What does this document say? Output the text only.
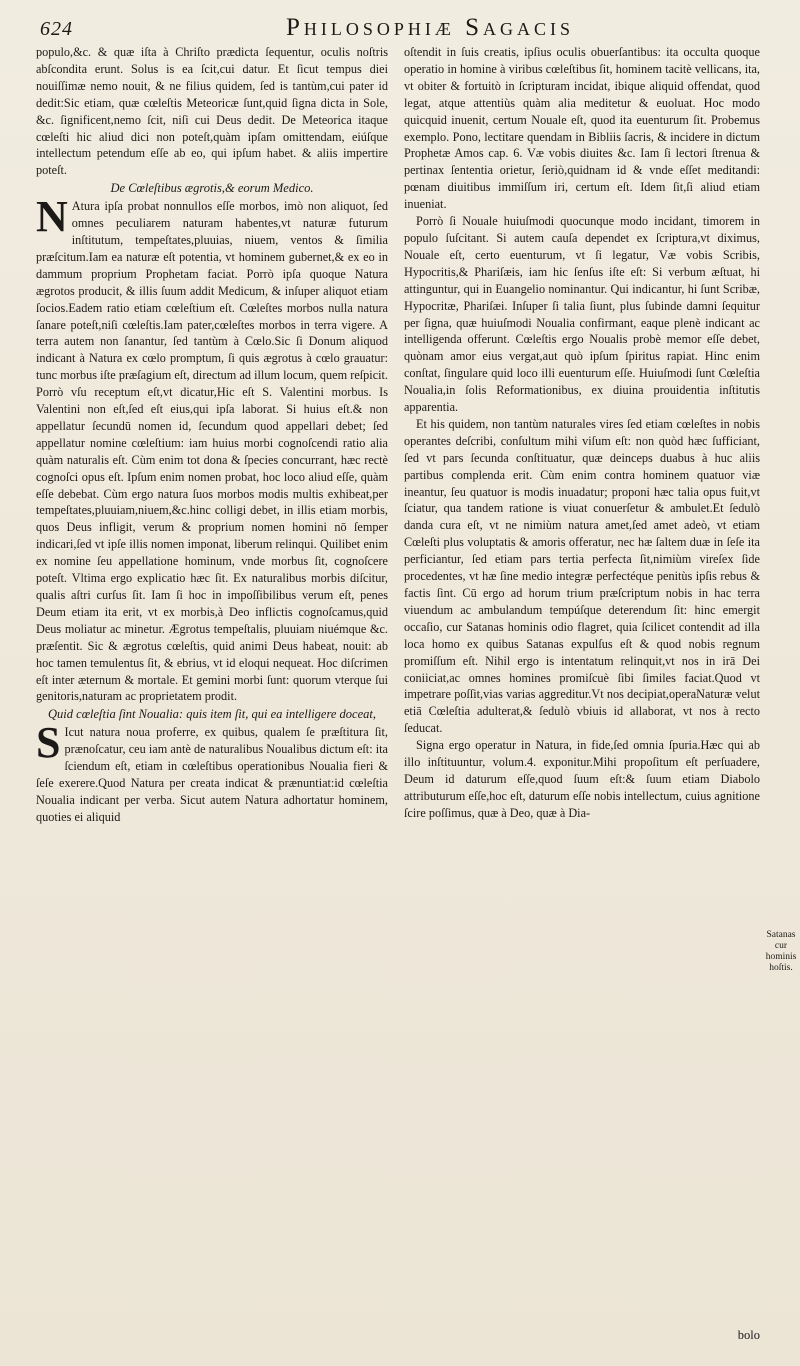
624	Philosophiæ Sagacis

populo,&c. & quæ iſta à Chriſto prædicta ſequentur, oculis noſtris abſcondita erunt. Solus is ea ſcit,cui datur. Et ſicut tempus diei nouiſſimæ nemo nouit, & ne filius quidem, ſed is tantùm,cui pater id dedit:Sic etiam, quæ cœleſtis Meteoricæ ſunt,quid ſigna dicta in Sole, &c. ſignificent,nemo ſcit, niſi cui Deus dedit. De Meteorica itaque cœleſti hic aliud dici non poteſt,quàm ipſam omittendam, eiúſque intellectum petendum eſſe ab eo, qui ipſum habet. & aliis impertire poteſt.

De Cœleſtibus ægrotis,& eorum Medico.

N Atura ipſa probat nonnullos eſſe morbos, imò non aliquot, ſed omnes peculiarem naturam habentes,vt naturæ futurum inſtitutum, tempeſtates,pluuias, niuem, ventos & ſimilia præſcitum.Iam ea naturæ eſt potentia, vt hominem gubernet,& ex eo in dammum proprium Prophetam faciat. Porrò ipſa quoque Natura ægrotos producit, & illis ſuum addit Medicum, & inſuper aliquot etiam ſocios.Eadem ratio etiam cœleſtium eſt. Cœleſtes morbos nulla natura ſanare poteſt,niſi cœleſtis.Iam pater,cœleſtes morbos in terra vigere. A terra autem non ſanantur, ſed tantùm à Cœlo.Sic ſi Donum aliquod indicant à Natura ex cœlo promptum, ſi quis ægrotus à cœlo grauatur: tunc morbus iſte præſagium eſt, directum ad illum locum, quem reſpicit. Porrò vſu receptum eſt,vt dicatur,Hic eſt S. Valentini morbus. Is Valentini non eſt,ſed eſt eius,qui ipſa laborat. Si huius eſt.& non appellatur ſecundū nomen id, ſecundum quod appellari debet; ſed appellatur nomine cœleſtium: iam huius morbi cognoſcendi ratio alia quàm naturalis eſt. Cùm enim tot dona & ſpecies concurrant, hæc rectè cognoſci opus eſt. Ipſum enim nomen probat, hoc loco aliud eſſe, quàm eſſe debebat. Cùm ergo natura ſuos morbos modis multis exhibeat,per tempeſtates,pluuiam,niuem,&c.hinc colligi debet, in illis etiam morbis, quos Deus infligit, verum & proprium nomen homini nō ſemper indicari,ſed vt ipſe illis nomen imponat, liberum relinqui. Quilibet enim ex nomine ſeu appellatione hominum, vnde morbus ſit, cognoſcere poteſt. Vltima ergo explicatio hæc ſit. Ex naturalibus morbis diſcitur, qualis aſtri curſus ſit. Iam ſi hoc in impoſſibilibus verum eſt, penes Deum etiam ita erit, vt ex morbis,à Deo inflictis cognoſcamus,quid Deus moliatur ac minetur. Ægrotus tempeſtalis, pluuiam niuémque &c. præſentit. Sic & ægrotus cœleſtis, quid animi Deus habeat, nouit: ab hoc tamen temulentus ſit, & ebrius, vt id eloqui nequeat. Hoc diſcrimen eſt inter æternum & mortale. Et gemini morbi ſunt: quorum vterque ſui genitoris,naturam ac proprietatem prodit.

Quid cœleſtia ſint Noualia: quis item ſit, qui ea intelligere doceat,

S Icut natura noua proferre, ex quibus, qualem ſe præſtitura ſit, prænoſcatur, ceu iam antè de naturalibus Noualibus dictum eſt: ita ſciendum eſt, etiam in cœleſtibus operationibus Noualia fieri & ſeſe exerere.Quod Natura per creata indicat & prænuntiat:id cœleſtia Noualia indicant per verba. Sicut autem Natura adhortatur hominem, quoties ei aliquid

oſtendit in ſuis creatis, ipſius oculis obuerſantibus: ita occulta quoque operatio in homine à viribus cœleſtibus ſit, hominem tacitè vellicans, ita, vt obiter & fortuitò in ſcripturam incidat, ibique aliquid offendat, quod legat, atque attentiùs quàm alia meditetur & euoluat. Hoc modo quicquid inuenit, certum Nouale eſt, quod ita euenturum ſit. Probemus exemplo. Pono, lectitare quendam in Bibliis ſacris, & incidere in dictum Prophetæ Amos cap. 6. Væ vobis diuites &c. Iam ſi lectori ſtrenua & pertinax ſententia orietur, ſeriò,quidnam id & vnde eſſet meditandi: pœnam diuitibus immiſſum iri, certum eſt. Idem ſit,ſi aliud etiam inueniat.

Porrò ſi Nouale huiuſmodi quocunque modo incidant, timorem in populo ſuſcitant. Si autem cauſa dependet ex ſcriptura,vt diximus, Nouale eſt, certo euenturum, vt ſi legatur, Væ vobis Scribis, Hypocritis,& Phariſæis, iam hic ſenſus iſte eſt: Si verbum æſtuat, hi attinguntur, qui in Euangelio nominantur. Qui indicantur, hi ſunt Scribæ, Hypocritæ, Phariſæi. Inſuper ſi talia ſiunt, plus ſubinde damni ſequitur per ſigna, quæ huiuſmodi Noualia confirmant, eaque plenè indicant ac intelligenda offerunt. Cœleſtis ergo Noualis probè memor eſſe debet, quònam amor eius vergat,aut quò ipſum ſpiritus rapiat. Hinc enim conſtat, ſingulare quid loco illi euenturum eſſe. Huiuſmodi ſunt Cœleſtia Noualia,in ſolis Reformationibus, ex diuina prouidentia inſtitutis apparentia.

Et his quidem, non tantùm naturales vires ſed etiam cœleſtes in nobis operantes deſcribi, conſultum mihi viſum eſt: non quòd hæc ſufficiant, ſed vt pars ſecunda conſtituatur, quæ deinceps duabus à huc aliis partibus complenda erit. Cùm enim contra hominem quatuor viæ ineantur, ſeu quatuor is modis inuadatur; proponi hæc talia opus fuit,vt ſciatur, qua tandem ratione is viuat conuerſetur & ambulet.Et ſedulò danda cura eſt, vt ne nimiùm natura amet,ſed amet adeò, vt etiam Cœleſti plus voluptatis & amoris offeratur, nec hæ ſaltem duæ in ſeſe ita perficiantur, ſed etiam pars tertia perfecta ſit,nimiùm vireſex ſide procedentes, vt hæ ſine medio integræ perfectéque penitùs ipſis rebus & factis ſint. Cū ergo ad horum trium præſcriptum nobis in hac terra viuendum ac ambulandum tempúſque deterendum ſit: hinc emergit occaſio, cur Satanas hominis odio flagret, quia ſcilicet contendit ad illa loca homo ex quibus Satanas expulſus eſt & quod nobis regnum promiſſum eſt. Nihil ergo is intentatum relinquit,vt nos in irā Dei coniiciat,ac omnes homines promiſcuè ſibi ſimiles faciat.Quod vt impetrare poſſit,vias varias aggreditur.Vt nos decipiat,operaNaturæ velut etiā Cœleſtia adulterat,& ſedulò vbiuis id allaborat, vt nos à recto ſeducat.

Signa ergo operatur in Natura, in fide,ſed omnia ſpuria.Hæc qui ab illo inſtituuntur, volum.4. exponitur.Mihi propoſitum eſt perſuadere, Deum id daturum eſſe,quod ſuum eſt:& ſuum etiam Diabolo attributurum eſſe,hoc eſt, daturum eſſe nobis intellectum, cuius agnitione ſcire poſſimus, quæ à Deo, quæ à Dia-

Satanas cur hominis hoſtis.
bolo
